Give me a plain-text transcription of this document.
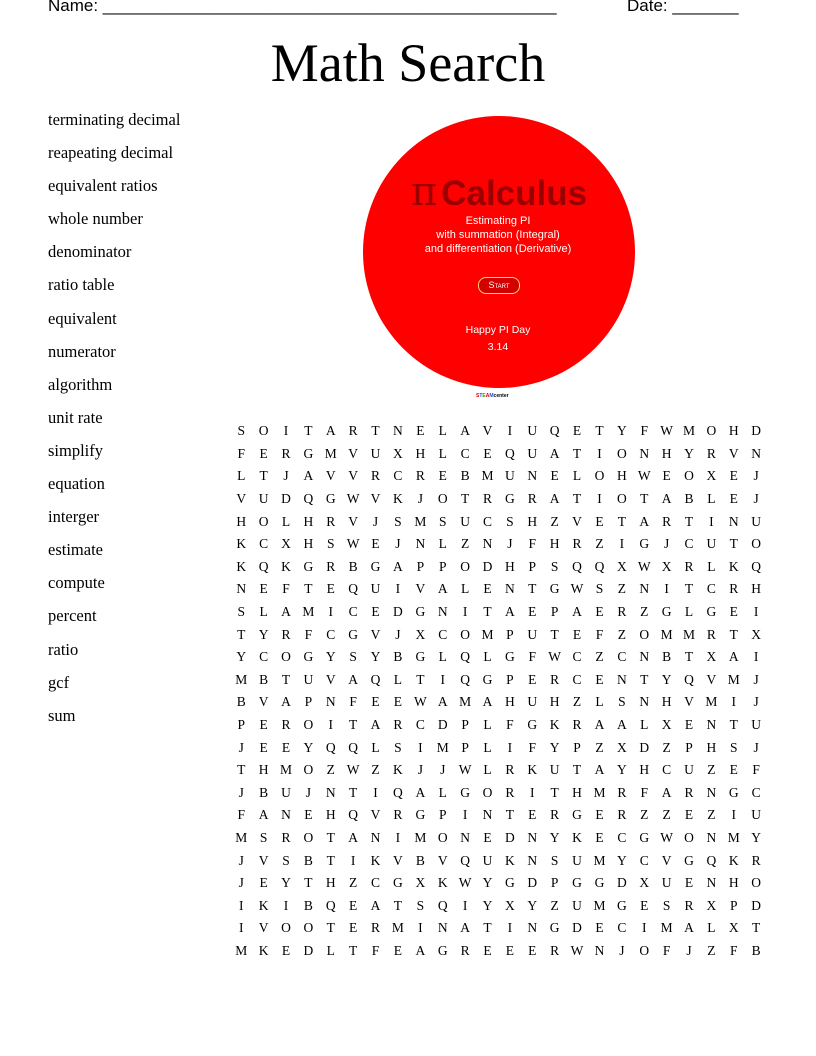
Name: ________________________________________________	Date: _______
Math Search
terminating decimal
reapeating decimal
equivalent ratios
whole number
denominator
ratio table
equivalent
numerator
algorithm
unit rate
simplify
equation
interger
estimate
compute
percent
ratio
gcf
sum
π Calculus
Estimating PI
with summation (Integral)
and differentiation (Derivative)
Start
Happy PI Day
3.14
STEAMcenter
S	O	I	T A R	T N E	L A V	I	U Q E	T Y	F W M O H D
F	E	R G M V U X H L	C	E Q U A T	I	O N H Y R V N
L	T	J	A V V R C R	E	B M U N E	L O H W E O X E	J
V U D Q G W V K	J	O T	R G R A T	I	O T A B	L	E	J
H O L H R V	J	S M S	U C	S	H Z V E	T A R	T	I	N U
K C X H	S W E	J	N L	Z N	J	F	H R	Z	I	G	J	C U T O
K Q K G R B G A	P	P	O D H	P	S	Q Q X W X R	L K Q
N E	F	T	E Q U	I	V A L	E N T G W S	Z N	I	T	C R H
S	L A M	I	C	E D G N	I	T A E	P	A E	R	Z G L G E	I
T Y R	F	C G V	J	X C O M P	U T	E	F	Z O M M R	T X
Y C O G Y	S	Y B G L Q L G	F W C	Z	C N B	T X A	I
M B	T U V A Q L	T	I	Q G	P	E	R C	E N T Y Q V M	J
B V A	P	N	F	E	E W A M A H U H Z	L	S	N H V M	I	J
P	E	R O	I	T A R C D	P	L	F	G K R A A L X E N T U
J	E	E Y Q Q L	S	I	M P	L	I	F	Y	P	Z X D Z	P	H	S	J
T H M O Z W Z K	J	J W L	R K U T A Y H C U Z	E	F
J	B U	J	N T	I	Q A L G O R	I	T H M R	F	A R N G C
F	A N E H Q V R G	P	I	N T	E	R G E	R	Z	Z	E	Z	I	U
M S	R O T A N	I	M O N E D N Y K E	C G W O N M Y
J	V	S	B	T	I	K V B V Q U K N	S	U M Y C V G Q K R
J	E Y T H Z	C G X K W Y G D	P	G G D X U E N H O
I	K	I	B Q E A T	S	Q	I	Y X Y Z U M G E	S	R X	P	D
I	V O O T	E	R M	I	N A T	I	N G D E	C	I	M A L X T
M K E D L	T	F	E A G R	E	E	E	R W N	J	O	F	J	Z	F	B
